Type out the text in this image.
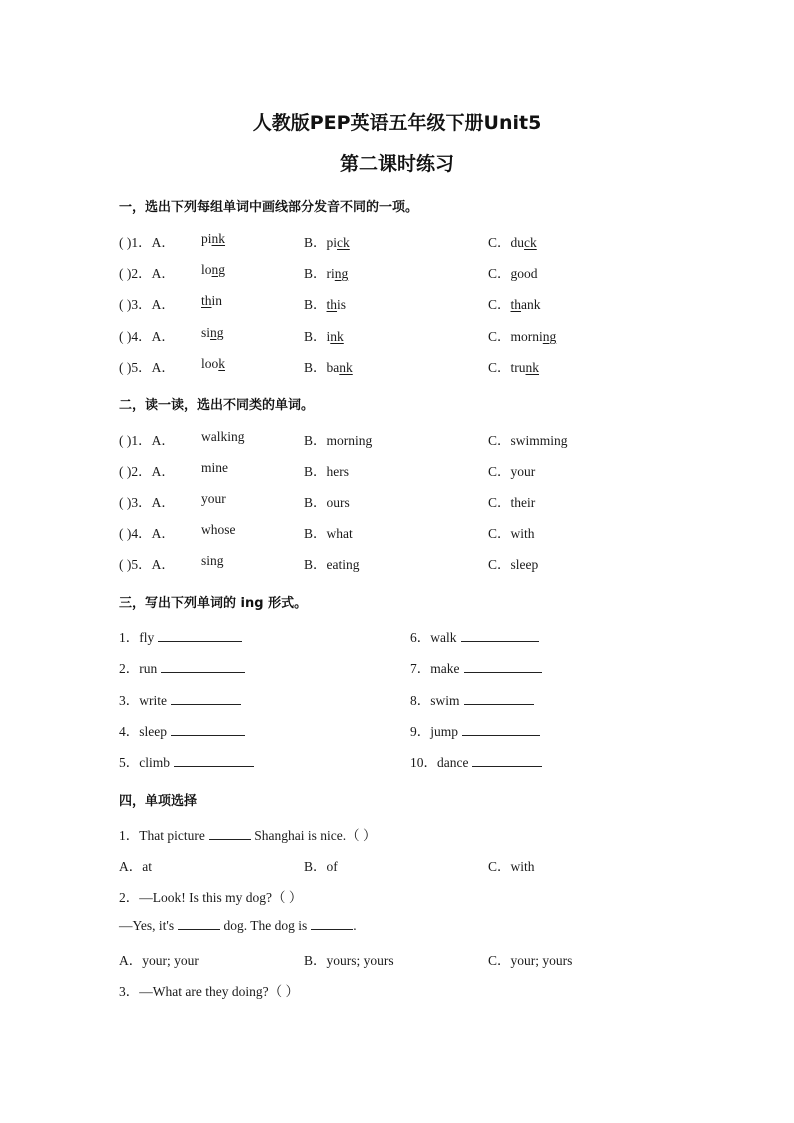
人教版PEP英语五年级下册Unit5
第二课时练习
一，选出下列每组单词中画线部分发音不同的一项。
( )1．A． pink	B．pick	C．duck
( )2．A． long	B．ring	C．good
( )3．A． thin	B．this	C．thank
( )4．A． sing	B．ink	C．morning
( )5．A． look	B．bank	C．trunk
二，读一读，选出不同类的单词。
( )1．A． walking	B．morning	C．swimming
( )2．A． mine	B．hers	C．your
( )3．A． your	B．ours	C．their
( )4．A． whose	B．what	C．with
( )5．A． sing	B．eating	C．sleep
三，写出下列单词的 ing 形式。
1．fly	6．walk
2．run	7．make
3．write	8．swim
4．sleep	9．jump
5．climb	10．dance
四，单项选择
1．That picture	Shanghai is nice.（ ）
A．at	B．of	C．with
2．—Look! Is this my dog?（ ）
—Yes, it's	dog. The dog is	.
A．your; your	B．yours; yours	C．your; yours
3．—What are they doing?（ ）
